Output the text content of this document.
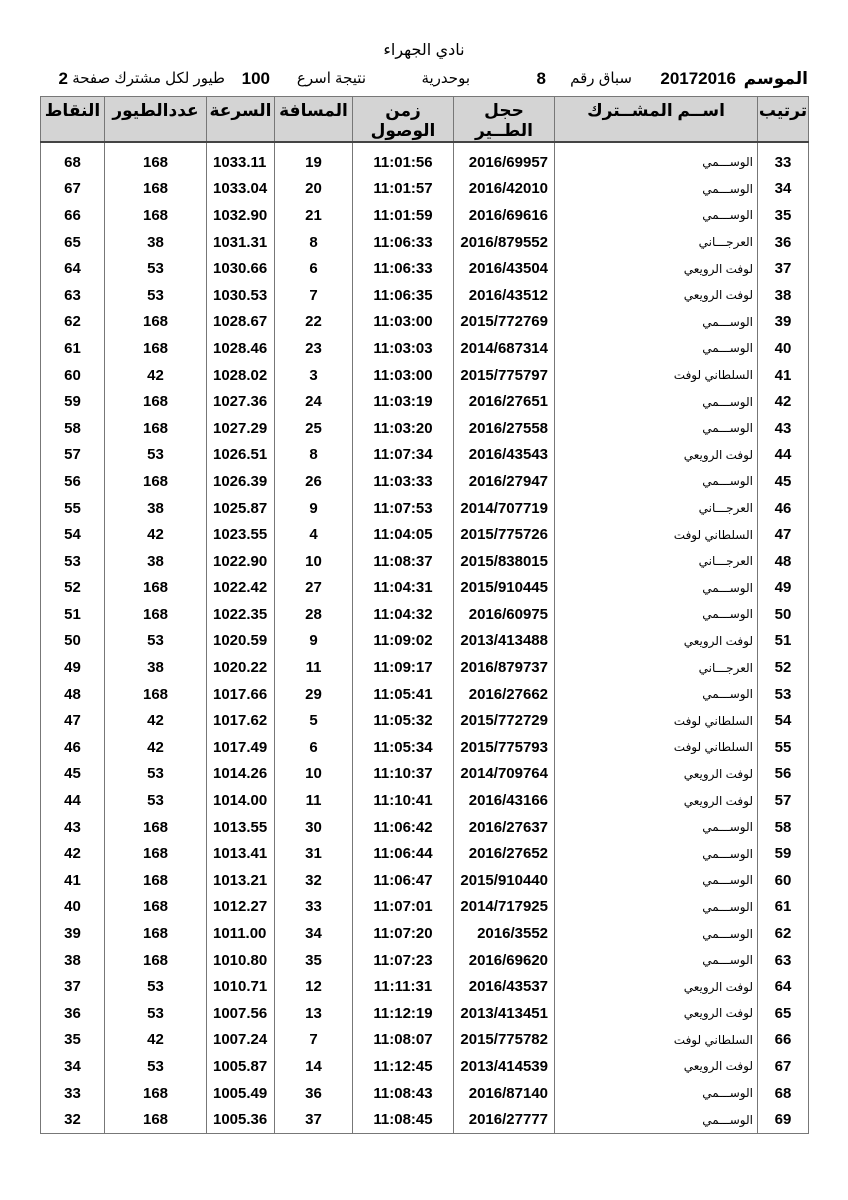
نادي الجهراء
الموسم
20172016
سباق رقم
8
بوحدرية
نتيجة اسرع
100
طيور لكل مشترك صفحة
2
النقاط	عددالطيور	السرعة	المسافة	زمن الوصول	حجل الطــير	اســم المشــترك	ترتيب

68	168	1033.11	19	11:01:56	2016/69957	الوســـمي	33
67	168	1033.04	20	11:01:57	2016/42010	الوســـمي	34
66	168	1032.90	21	11:01:59	2016/69616	الوســـمي	35
65	38	1031.31	8	11:06:33	2016/879552	العرجـــاني	36
64	53	1030.66	6	11:06:33	2016/43504	لوفت الرويعي	37
63	53	1030.53	7	11:06:35	2016/43512	لوفت الرويعي	38
62	168	1028.67	22	11:03:00	2015/772769	الوســـمي	39
61	168	1028.46	23	11:03:03	2014/687314	الوســـمي	40
60	42	1028.02	3	11:03:00	2015/775797	السلطاني لوفت	41
59	168	1027.36	24	11:03:19	2016/27651	الوســـمي	42
58	168	1027.29	25	11:03:20	2016/27558	الوســـمي	43
57	53	1026.51	8	11:07:34	2016/43543	لوفت الرويعي	44
56	168	1026.39	26	11:03:33	2016/27947	الوســـمي	45
55	38	1025.87	9	11:07:53	2014/707719	العرجـــاني	46
54	42	1023.55	4	11:04:05	2015/775726	السلطاني لوفت	47
53	38	1022.90	10	11:08:37	2015/838015	العرجـــاني	48
52	168	1022.42	27	11:04:31	2015/910445	الوســـمي	49
51	168	1022.35	28	11:04:32	2016/60975	الوســـمي	50
50	53	1020.59	9	11:09:02	2013/413488	لوفت الرويعي	51
49	38	1020.22	11	11:09:17	2016/879737	العرجـــاني	52
48	168	1017.66	29	11:05:41	2016/27662	الوســـمي	53
47	42	1017.62	5	11:05:32	2015/772729	السلطاني لوفت	54
46	42	1017.49	6	11:05:34	2015/775793	السلطاني لوفت	55
45	53	1014.26	10	11:10:37	2014/709764	لوفت الرويعي	56
44	53	1014.00	11	11:10:41	2016/43166	لوفت الرويعي	57
43	168	1013.55	30	11:06:42	2016/27637	الوســـمي	58
42	168	1013.41	31	11:06:44	2016/27652	الوســـمي	59
41	168	1013.21	32	11:06:47	2015/910440	الوســـمي	60
40	168	1012.27	33	11:07:01	2014/717925	الوســـمي	61
39	168	1011.00	34	11:07:20	2016/3552	الوســـمي	62
38	168	1010.80	35	11:07:23	2016/69620	الوســـمي	63
37	53	1010.71	12	11:11:31	2016/43537	لوفت الرويعي	64
36	53	1007.56	13	11:12:19	2013/413451	لوفت الرويعي	65
35	42	1007.24	7	11:08:07	2015/775782	السلطاني لوفت	66
34	53	1005.87	14	11:12:45	2013/414539	لوفت الرويعي	67
33	168	1005.49	36	11:08:43	2016/87140	الوســـمي	68
32	168	1005.36	37	11:08:45	2016/27777	الوســـمي	69
